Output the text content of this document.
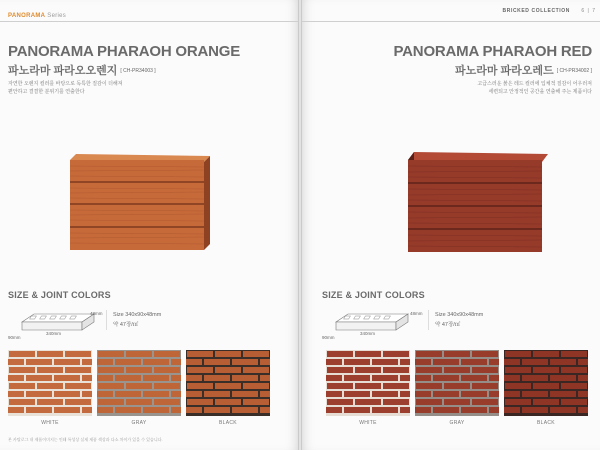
PANORAMA Series
PANORAMA PHARAOH ORANGE
파노라마 파라오오렌지 [ CH-PR34003 ]
자연한 오렌지 컬러를 바탕으로 독특한 질감이 더해져
편안하고 결결한 분위기를 연출한다
SIZE & JOINT COLORS
340mm
90mm
48mm Size 340x90x48mm
약 47장/㎡
WHITE	GRAY	BLACK
본 카탈로그 내 제품이미지는 인쇄 특성상 실제 제품 색상과 다소 차이가 있을 수 있습니다.
BRICKED COLLECTION 6 | 7
PANORAMA PHARAOH RED
파노라마 파라오레드 [ CH-PR34002 ]
고급스러운 붉은 레드 컬러에 입체적 질감이 어우러져
세련되고 안정적인 공간을 연출해 주는 제품이다
SIZE & JOINT COLORS
340mm
90mm
48mm Size 340x90x48mm
약 47장/㎡
WHITE	GRAY	BLACK
